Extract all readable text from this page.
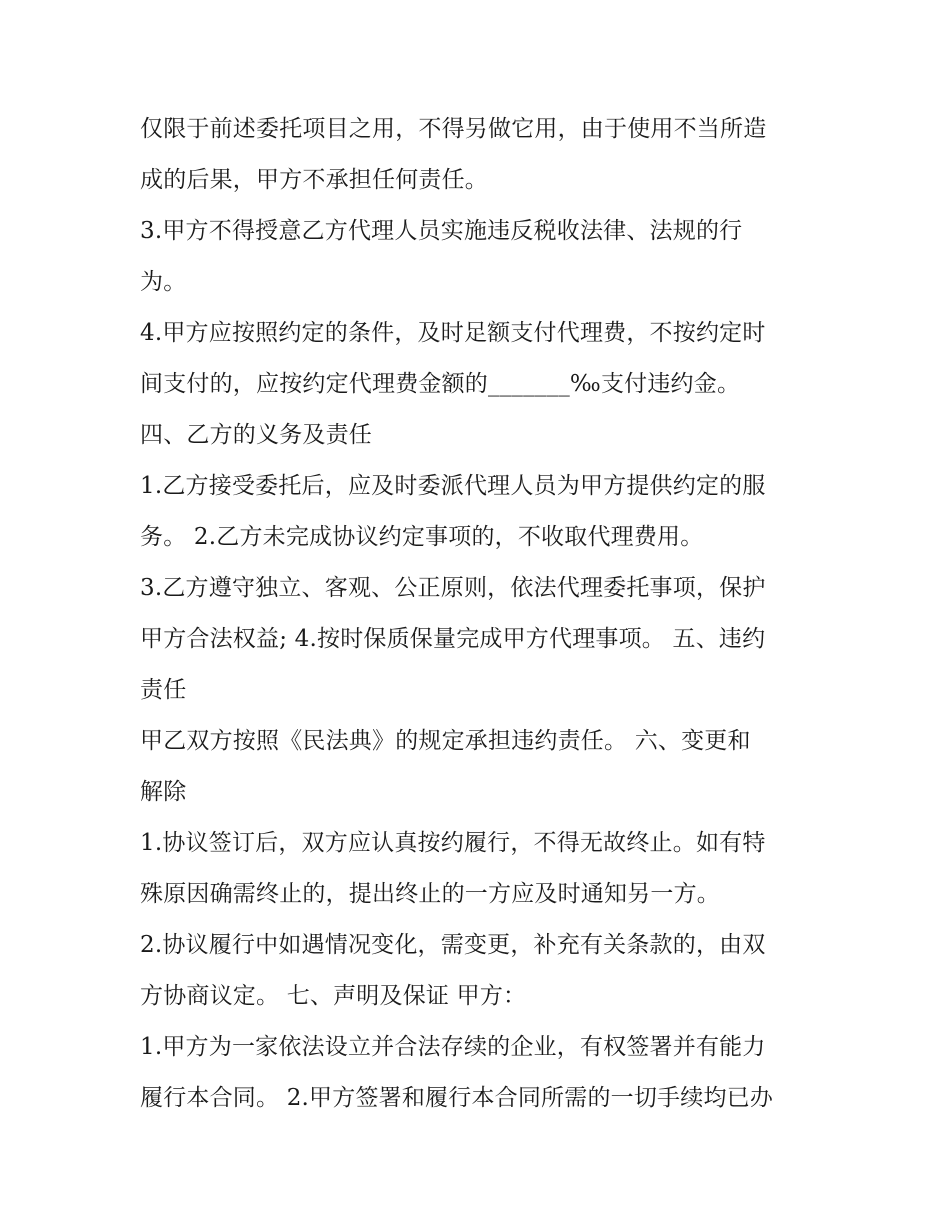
仅限于前述委托项目之用，不得另做它用，由于使用不当所造
成的后果，甲方不承担任何责任。
3.甲方不得授意乙方代理人员实施违反税收法律、法规的行
为。
4.甲方应按照约定的条件，及时足额支付代理费，不按约定时
间支付的，应按约定代理费金额的_______‰支付违约金。
四、乙方的义务及责任
1.乙方接受委托后，应及时委派代理人员为甲方提供约定的服
务。 2.乙方未完成协议约定事项的，不收取代理费用。
3.乙方遵守独立、客观、公正原则，依法代理委托事项，保护
甲方合法权益; 4.按时保质保量完成甲方代理事项。 五、违约
责任
甲乙双方按照《民法典》的规定承担违约责任。 六、变更和
解除
1.协议签订后，双方应认真按约履行，不得无故终止。如有特
殊原因确需终止的，提出终止的一方应及时通知另一方。
2.协议履行中如遇情况变化，需变更，补充有关条款的，由双
方协商议定。 七、声明及保证 甲方：
1.甲方为一家依法设立并合法存续的企业，有权签署并有能力
履行本合同。 2.甲方签署和履行本合同所需的一切手续均已办
